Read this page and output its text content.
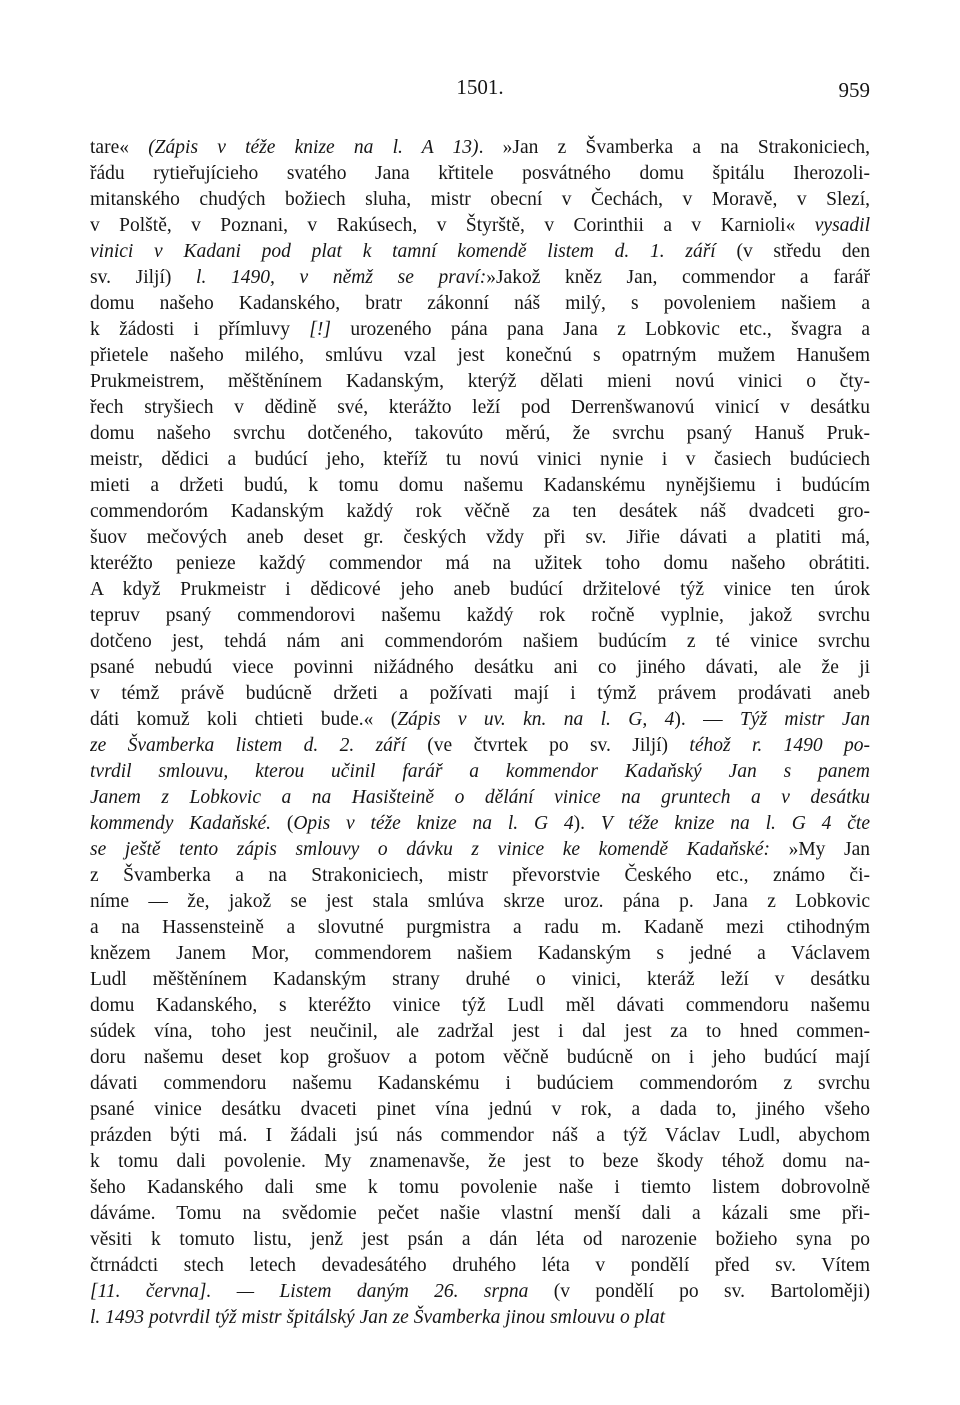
1501.	959
tare« (Zápis v téže knize na l. A 13). »Jan z Švamberka a na Strakoniciech,
řádu rytieřujícieho svatého Jana křtitele posvátného domu špitálu Iherozoli-
mitanského chudých božiech sluha, mistr obecní v Čechách, v Moravě, v Slezí,
v Polště, v Poznani, v Rakúsech, v Štyrště, v Corinthii a v Karnioli« vysadil
vinici v Kadani pod plat k tamní komendě listem d. 1. září (v středu den
sv. Jiljí) l. 1490, v němž se praví:»Jakož kněz Jan, commendor a farář
domu našeho Kadanského, bratr zákonní náš milý, s povoleniem našiem a
k žádosti i přímluvy [!] urozeného pána pana Jana z Lobkovic etc., švagra a
přietele našeho milého, smlúvu vzal jest konečnú s opatrným mužem Hanušem
Prukmeistrem, měštěnínem Kadanským, kterýž dělati mieni novú vinici o čty-
řech stryšiech v dědině své, kterážto leží pod Derrenšwanovú vinicí v desátku
domu našeho svrchu dotčeného, takovúto měrú, že svrchu psaný Hanuš Pruk-
meistr, dědici a budúcí jeho, kteříž tu novú vinici nynie i v časiech budúciech
mieti a držeti budú, k tomu domu našemu Kadanskému nynějšiemu i budúcím
commendoróm Kadanským každý rok věčně za ten desátek náš dvadceti gro-
šuov mečových aneb deset gr. českých vždy při sv. Jiřie dávati a platiti má,
kteréžto penieze každý commendor má na užitek toho domu našeho obrátiti.
A když Prukmeistr i dědicové jeho aneb budúcí držitelové týž vinice ten úrok
tepruv psaný commendorovi našemu každý rok ročně vyplnie, jakož svrchu
dotčeno jest, tehdá nám ani commendoróm našiem budúcím z té vinice svrchu
psané nebudú viece povinni nižádného desátku ani co jiného dávati, ale že ji
v témž právě budúcně držeti a požívati mají i týmž právem prodávati aneb
dáti komuž koli chtieti bude.« (Zápis v uv. kn. na l. G, 4). — Týž mistr Jan
ze Švamberka listem d. 2. září (ve čtvrtek po sv. Jiljí) téhož r. 1490 po-
tvrdil smlouvu, kterou učinil farář a kommendor Kadaňský Jan s panem
Janem z Lobkovic a na Hasišteině o dělání vinice na gruntech a v desátku
kommendy Kadaňské. (Opis v téže knize na l. G 4). V téže knize na l. G 4 čte
se ještě tento zápis smlouvy o dávku z vinice ke komendě Kadaňské: »My Jan
z Švamberka a na Strakoniciech, mistr převorstvie Českého etc., známo či-
níme — že, jakož se jest stala smlúva skrze uroz. pána p. Jana z Lobkovic
a na Hassensteině a slovutné purgmistra a radu m. Kadaně mezi ctihodným
knězem Janem Mor, commendorem našiem Kadanským s jedné a Václavem
Ludl měštěnínem Kadanským strany druhé o vinici, kteráž leží v desátku
domu Kadanského, s kteréžto vinice týž Ludl měl dávati commendoru našemu
súdek vína, toho jest neučinil, ale zadržal jest i dal jest za to hned commen-
doru našemu deset kop grošuov a potom věčně budúcně on i jeho budúcí mají
dávati commendoru našemu Kadanskému i budúciem commendoróm z svrchu
psané vinice desátku dvaceti pinet vína jednú v rok, a dada to, jiného všeho
prázden býti má. I žádali jsú nás commendor náš a týž Václav Ludl, abychom
k tomu dali povolenie. My znamenavše, že jest to beze škody téhož domu na-
šeho Kadanského dali sme k tomu povolenie naše i tiemto listem dobrovolně
dáváme. Tomu na svědomie pečet našie vlastní menší dali a kázali sme při-
věsiti k tomuto listu, jenž jest psán a dán léta od narozenie božieho syna po
čtrnádcti stech letech devadesátého druhého léta v pondělí před sv. Vítem
[11. června]. — Listem daným 26. srpna (v pondělí po sv. Bartoloměji)
l. 1493 potvrdil týž mistr špitálský Jan ze Švamberka jinou smlouvu o plat
